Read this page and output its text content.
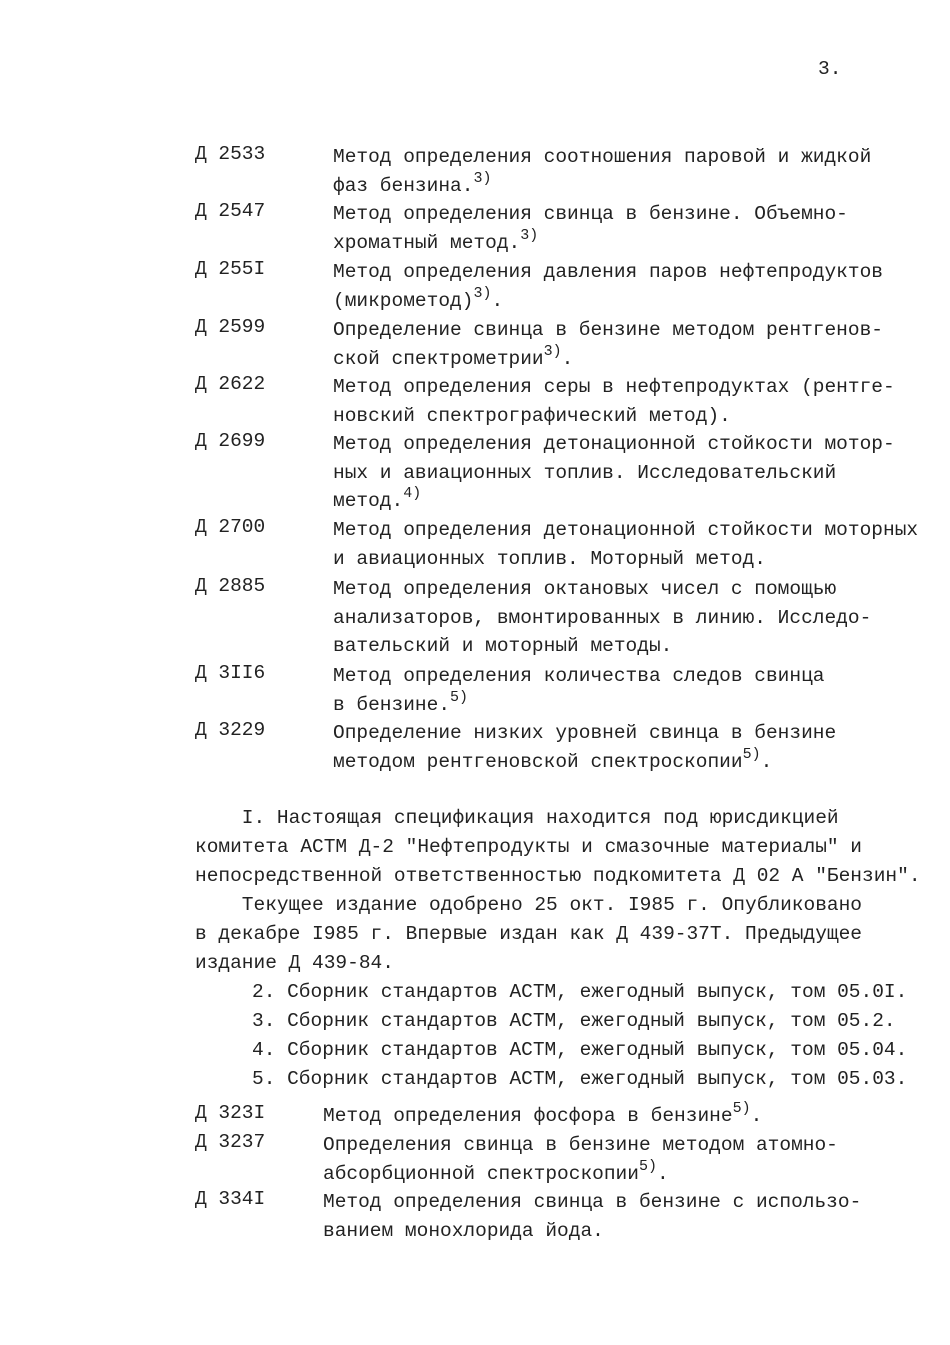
3.
Д 2533	Метод определения соотношения паровой и жидкой
фаз бензина.$^{3)}$
Д 2547	Метод определения свинца в бензине. Объемно-
хроматный метод.$^{3)}$
Д 255I	Метод определения давления паров нефтепродуктов
(микрометод)$^{3)}$.
Д 2599	Определение свинца в бензине методом рентгенов-
ской спектрометрии$^{3)}$.
Д 2622	Метод определения серы в нефтепродуктах (рентге-
новский спектрографический метод).
Д 2699	Метод определения детонационной стойкости мотор-
ных и авиационных топлив. Исследовательский
метод.$^{4)}$
Д 2700	Метод определения детонационной стойкости моторных
и авиационных топлив. Моторный метод.
Д 2885	Метод определения октановых чисел с помощью
анализаторов, вмонтированных в линию. Исследо-
вательский и моторный методы.
Д 3II6	Метод определения количества следов свинца
в бензине.$^{5)}$
Д 3229	Определение низких уровней свинца в бензине
методом рентгеновской спектроскопии$^{5)}$.
I. Настоящая спецификация находится под юрисдикцией
комитета АСТМ Д-2 "Нефтепродукты и смазочные материалы" и
непосредственной ответственностью подкомитета Д 02 А "Бензин".
Текущее издание одобрено 25 окт. I985 г. Опубликовано
в декабре I985 г. Впервые издан как Д 439-37Т. Предыдущее
издание Д 439-84.
2. Сборник стандартов АСТМ, ежегодный выпуск, том 05.0I.
3. Сборник стандартов АСТМ, ежегодный выпуск, том 05.2.
4. Сборник стандартов АСТМ, ежегодный выпуск, том 05.04.
5. Сборник стандартов АСТМ, ежегодный выпуск, том 05.03.
Д 323I	Метод определения фосфора в бензине$^{5)}$.
Д 3237	Определения свинца в бензине методом атомно-
абсорбционной спектроскопии$^{5)}$.
Д 334I	Метод определения свинца в бензине с использо-
ванием монохлорида йода.
